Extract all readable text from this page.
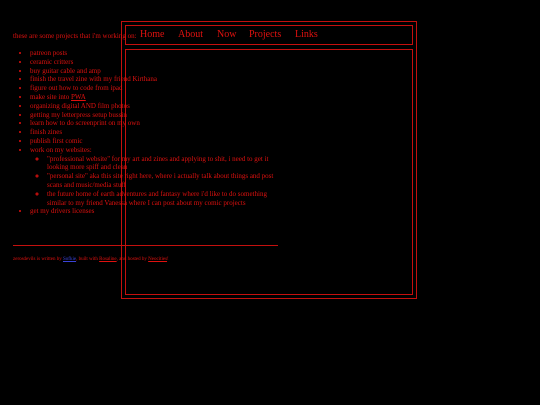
Home About Now Projects Links
these are some projects that i'm working on:
• patreon posts
• ceramic critters
• buy guitar cable and amp
• finish the travel zine with my friend Kirthana
• figure out how to code from ipad
• make site into PWA
• organizing digital AND film photos
• getting my letterpress setup bussin
• learn how to do screenprint on my own
• finish zines
• publish first comic
• work on my websites:
◦ "professional website" for my art and zines and applying to shit, i need to get it looking more spiff and clean
◦ "personal site" aka this site right here, where i actually talk about things and post scans and music/media stuff
◦ the future home of earth adventures and fantasy where i'd like to do something similar to my friend Vanessa where I can post about my comic projects
• get my drivers licenses
zerosdevils is written by Sofkie, built with Rosaline, and hosted by Neocities!
